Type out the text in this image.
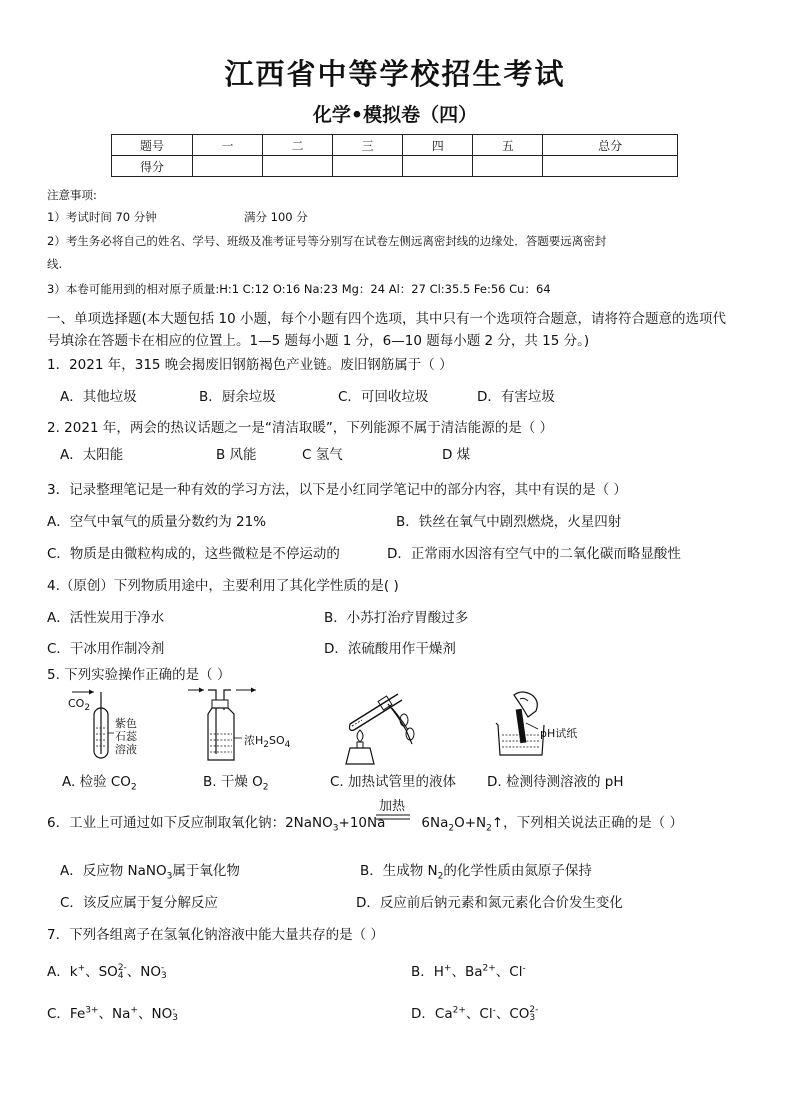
江西省中等学校招生考试
化学•模拟卷（四）
题号	一	二	三	四	五	总分
得分						
注意事项:
1）考试时间 70 分钟	满分 100 分
2）考生务必将自己的姓名、学号、班级及准考证号等分别写在试卷左侧远离密封线的边缘处．答题要远离密封
线.
3）本卷可能用到的相对原子质量:H:1 C:12 O:16 Na:23 Mg：24 Al：27 Cl:35.5 Fe:56 Cu：64
一、单项选择题(本大题包括 10 小题，每个小题有四个选项，其中只有一个选项符合题意，请将符合题意的选项代
号填涂在答题卡在相应的位置上。1—5 题每小题 1 分，6—10 题每小题 2 分，共 15 分。)
1．2021 年，315 晚会揭废旧钢筋褐色产业链。废旧钢筋属于（ ）
A．其他垃圾	B．厨余垃圾	C．可回收垃圾	D．有害垃圾
2. 2021 年，两会的热议话题之一是“清洁取暖”，下列能源不属于清洁能源的是（ ）
A．太阳能	B 风能	C 氢气	D 煤
3．记录整理笔记是一种有效的学习方法，以下是小红同学笔记中的部分内容，其中有误的是（ ）
A．空气中氧气的质量分数约为 21%	B．铁丝在氧气中剧烈燃烧，火星四射
C．物质是由微粒构成的，这些微粒是不停运动的	D．正常雨水因溶有空气中的二氧化碳而略显酸性
4.（原创）下列物质用途中，主要利用了其化学性质的是( )
A．活性炭用于净水	B．小苏打治疗胃酸过多
C．干冰用作制冷剂	D．浓硫酸用作干燥剂
5. 下列实验操作正确的是（ ）
$CO_2$
紫色
石蕊
溶液
浓$H_2SO_4$
pH试纸
A. 检验 $CO_2$	B. 干燥 $O_2$	C. 加热试管里的液体 D. 检测待测溶液的 pH
加热
6．工业上可通过如下反应制取氧化钠：2NaNO$_3$+10Na	$6Na_2O+N_2↑$，下列相关说法正确的是（ ）
A．反应物 NaNO$_3$属于氧化物	B．生成物 $N_2$的化学性质由氮原子保持
C．该反应属于复分解反应	D．反应前后钠元素和氮元素化合价发生变化
7．下列各组离子在氢氧化钠溶液中能大量共存的是（ ）
A．k+、SO 2-
4 、NO -
3	B．H+、$Ba^{2+}$、Cl-
C．$Fe^{3+}$、Na+、NO -
3	D．$Ca^{2+}$、Cl-、CO 2-
3
